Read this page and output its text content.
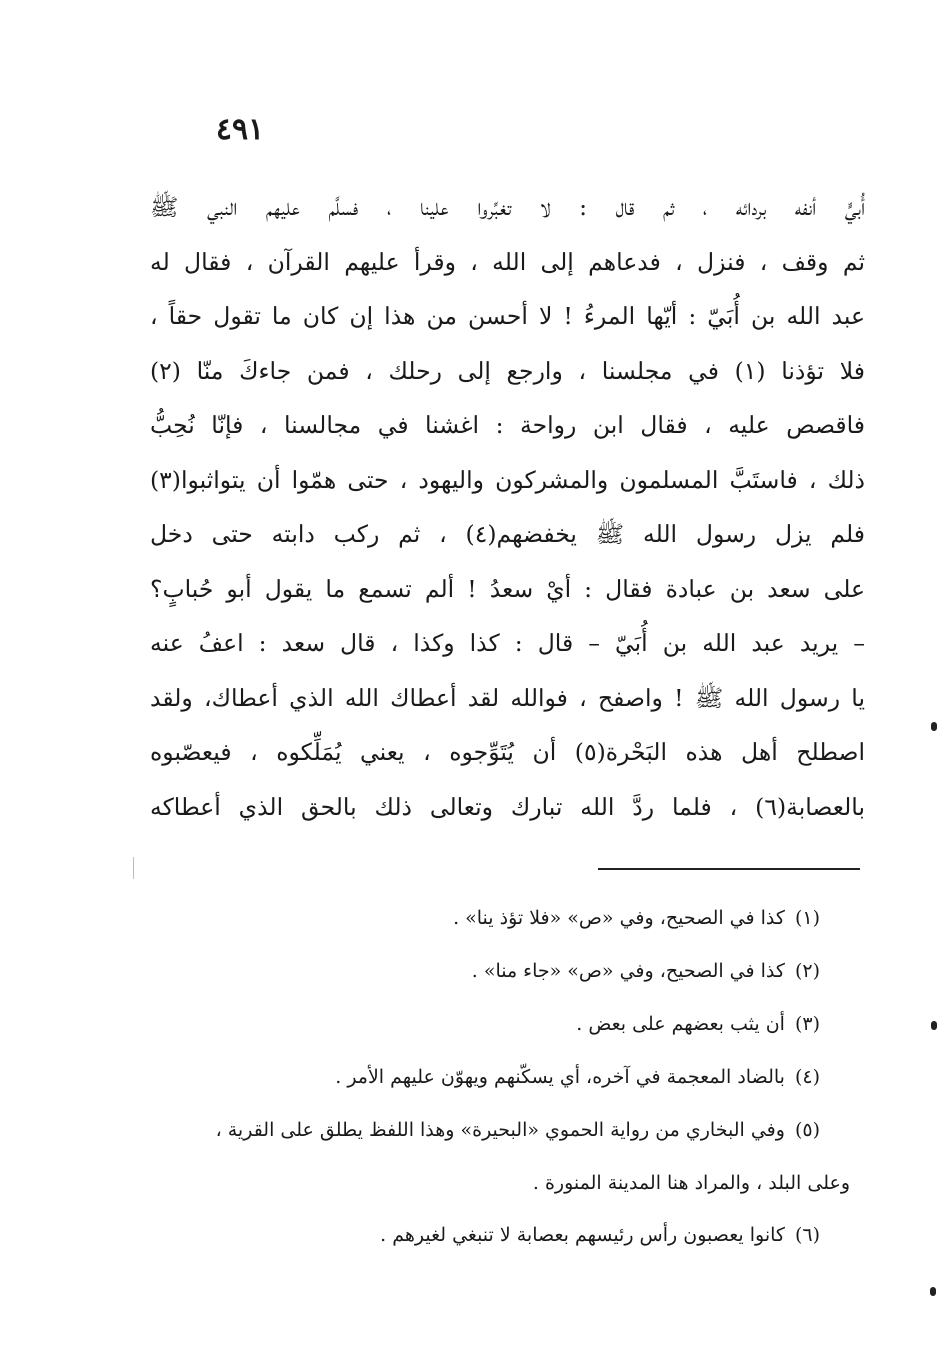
٤٩١
أُبيٍّ أنفه بردائه ، ثم قال : لا تغبِّروا علينا ، فسلَّم عليهم النبي ﷺ
ثم وقف ، فنزل ، فدعاهم إلى الله ، وقرأ عليهم القرآن ، فقال له
عبد الله بن أُبَيّ : أيّها المرءُ ! لا أحسن من هذا إن كان ما تقول حقاً ،
فلا تؤذنا (١) في مجلسنا ، وارجع إلى رحلك ، فمن جاءكَ منّا (٢)
فاقصص عليه ، فقال ابن رواحة : اغشنا في مجالسنا ، فإنّا نُحِبُّ
ذلك ، فاستَبَّ المسلمون والمشركون واليهود ، حتى همّوا أن يتواثبوا(٣)
فلم يزل رسول الله ﷺ يخفضهم(٤) ، ثم ركب دابته حتى دخل
على سعد بن عبادة فقال : أيْ سعدُ ! ألم تسمع ما يقول أبو حُبابٍ؟
– يريد عبد الله بن أُبَيّ – قال : كذا وكذا ، قال سعد : اعفُ عنه
يا رسول الله ﷺ ! واصفح ، فوالله لقد أعطاك الله الذي أعطاك، ولقد
اصطلح أهل هذه البَحْرة(٥) أن يُتَوِّجوه ، يعني يُمَلِّكوه ، فيعصّبوه
بالعصابة(٦) ، فلما ردَّ الله تبارك وتعالى ذلك بالحق الذي أعطاكه
(١)كذا في الصحيح، وفي «ص» «فلا تؤذ ينا» .
(٢)كذا في الصحيح، وفي «ص» «جاء منا» .
(٣)أن يثب بعضهم على بعض .
(٤)بالضاد المعجمة في آخره، أي يسكّنهم ويهوّن عليهم الأمر .
(٥)وفي البخاري من رواية الحموي «البحيرة» وهذا اللفظ يطلق على القرية ،
وعلى البلد ، والمراد هنا المدينة المنورة .
(٦)كانوا يعصبون رأس رئيسهم بعصابة لا تنبغي لغيرهم .
